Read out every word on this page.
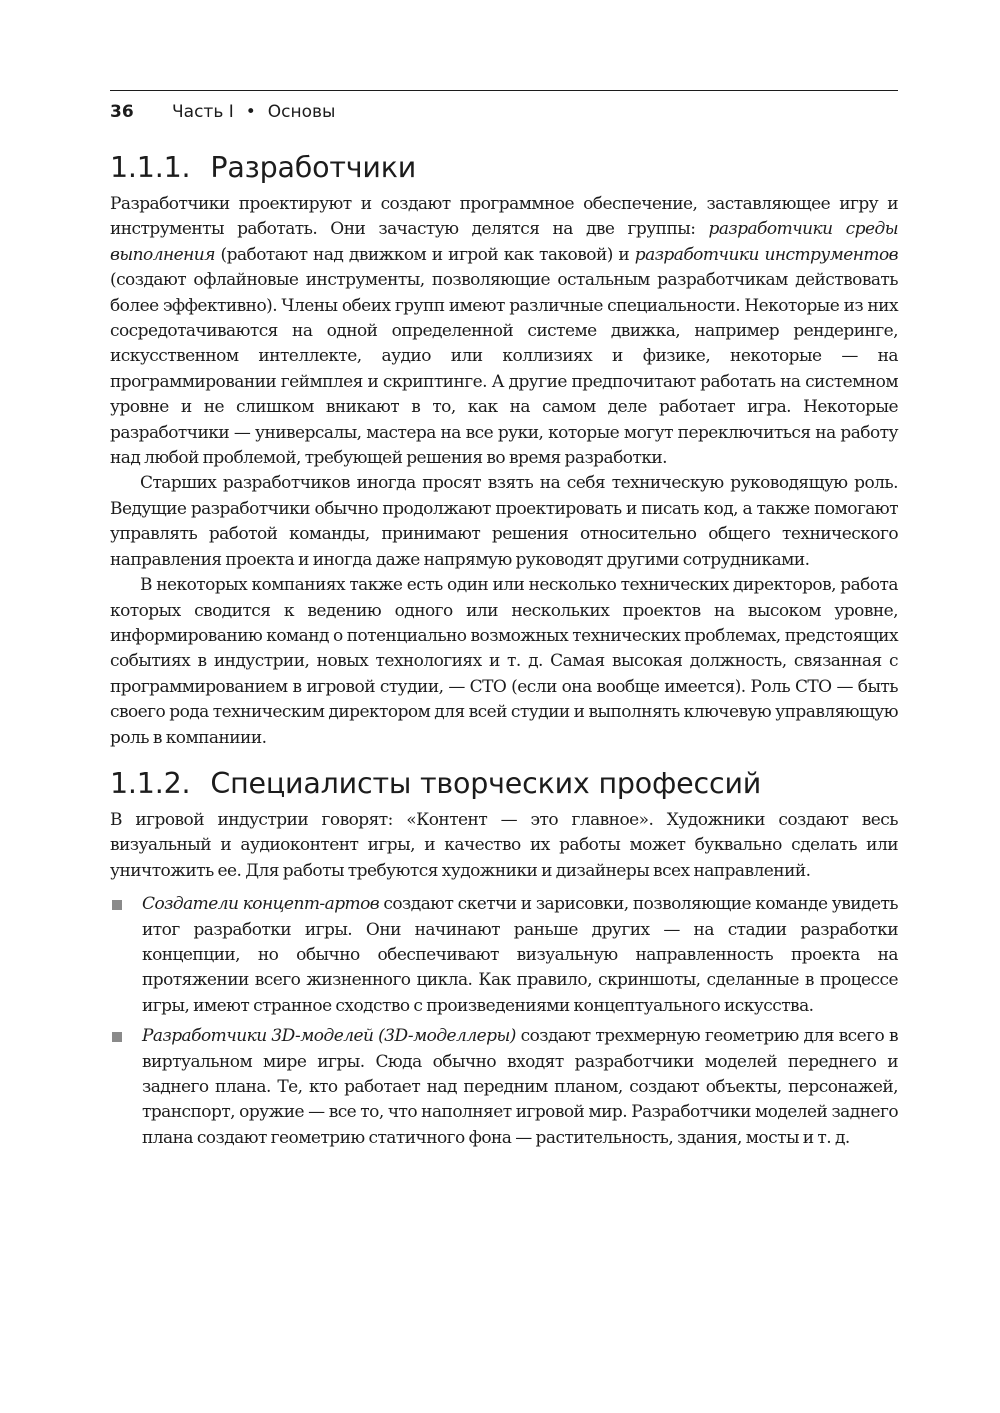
36	Часть I • Основы
1.1.1. Разработчики

Разработчики проектируют и создают программное обеспечение, заставляющее игру и инструменты работать. Они зачастую делятся на две группы: разработчики среды выполнения (работают над движком и игрой как таковой) и разработчики инструментов (создают офлайновые инструменты, позволяющие остальным разработчикам действовать более эффективно). Члены обеих групп имеют различные специальности. Некоторые из них сосредотачиваются на одной определенной системе движка, например рендеринге, искусственном интеллекте, аудио или коллизиях и физике, некоторые — на программировании геймплея и скриптинге. А другие предпочитают работать на системном уровне и не слишком вникают в то, как на самом деле работает игра. Некоторые разработчики — универсалы, мастера на все руки, которые могут переключиться на работу над любой проблемой, требующей решения во время разработки.

Старших разработчиков иногда просят взять на себя техническую руководящую роль. Ведущие разработчики обычно продолжают проектировать и писать код, а также помогают управлять работой команды, принимают решения относительно общего технического направления проекта и иногда даже напрямую руководят другими сотрудниками.

В некоторых компаниях также есть один или несколько технических директоров, работа которых сводится к ведению одного или нескольких проектов на высоком уровне, информированию команд о потенциально возможных технических проблемах, предстоящих событиях в индустрии, новых технологиях и т. д. Самая высокая должность, связанная с программированием в игровой студии, — CTO (если она вообще имеется). Роль CTO — быть своего рода техническим директором для всей студии и выполнять ключевую управляющую роль в компаниии.

1.1.2. Специалисты творческих профессий

В игровой индустрии говорят: «Контент — это главное». Художники создают весь визуальный и аудиоконтент игры, и качество их работы может буквально сделать или уничтожить ее. Для работы требуются художники и дизайнеры всех направлений.

Создатели концепт-артов создают скетчи и зарисовки, позволяющие команде увидеть итог разработки игры. Они начинают раньше других — на стадии разработки концепции, но обычно обеспечивают визуальную направленность проекта на протяжении всего жизненного цикла. Как правило, скриншоты, сделанные в процессе игры, имеют странное сходство с произведениями концептуального искусства.

Разработчики 3D-моделей (3D-моделлеры) создают трехмерную геометрию для всего в виртуальном мире игры. Сюда обычно входят разработчики моделей переднего и заднего плана. Те, кто работает над передним планом, создают объекты, персонажей, транспорт, оружие — все то, что наполняет игровой мир. Разработчики моделей заднего плана создают геометрию статичного фона — растительность, здания, мосты и т. д.
